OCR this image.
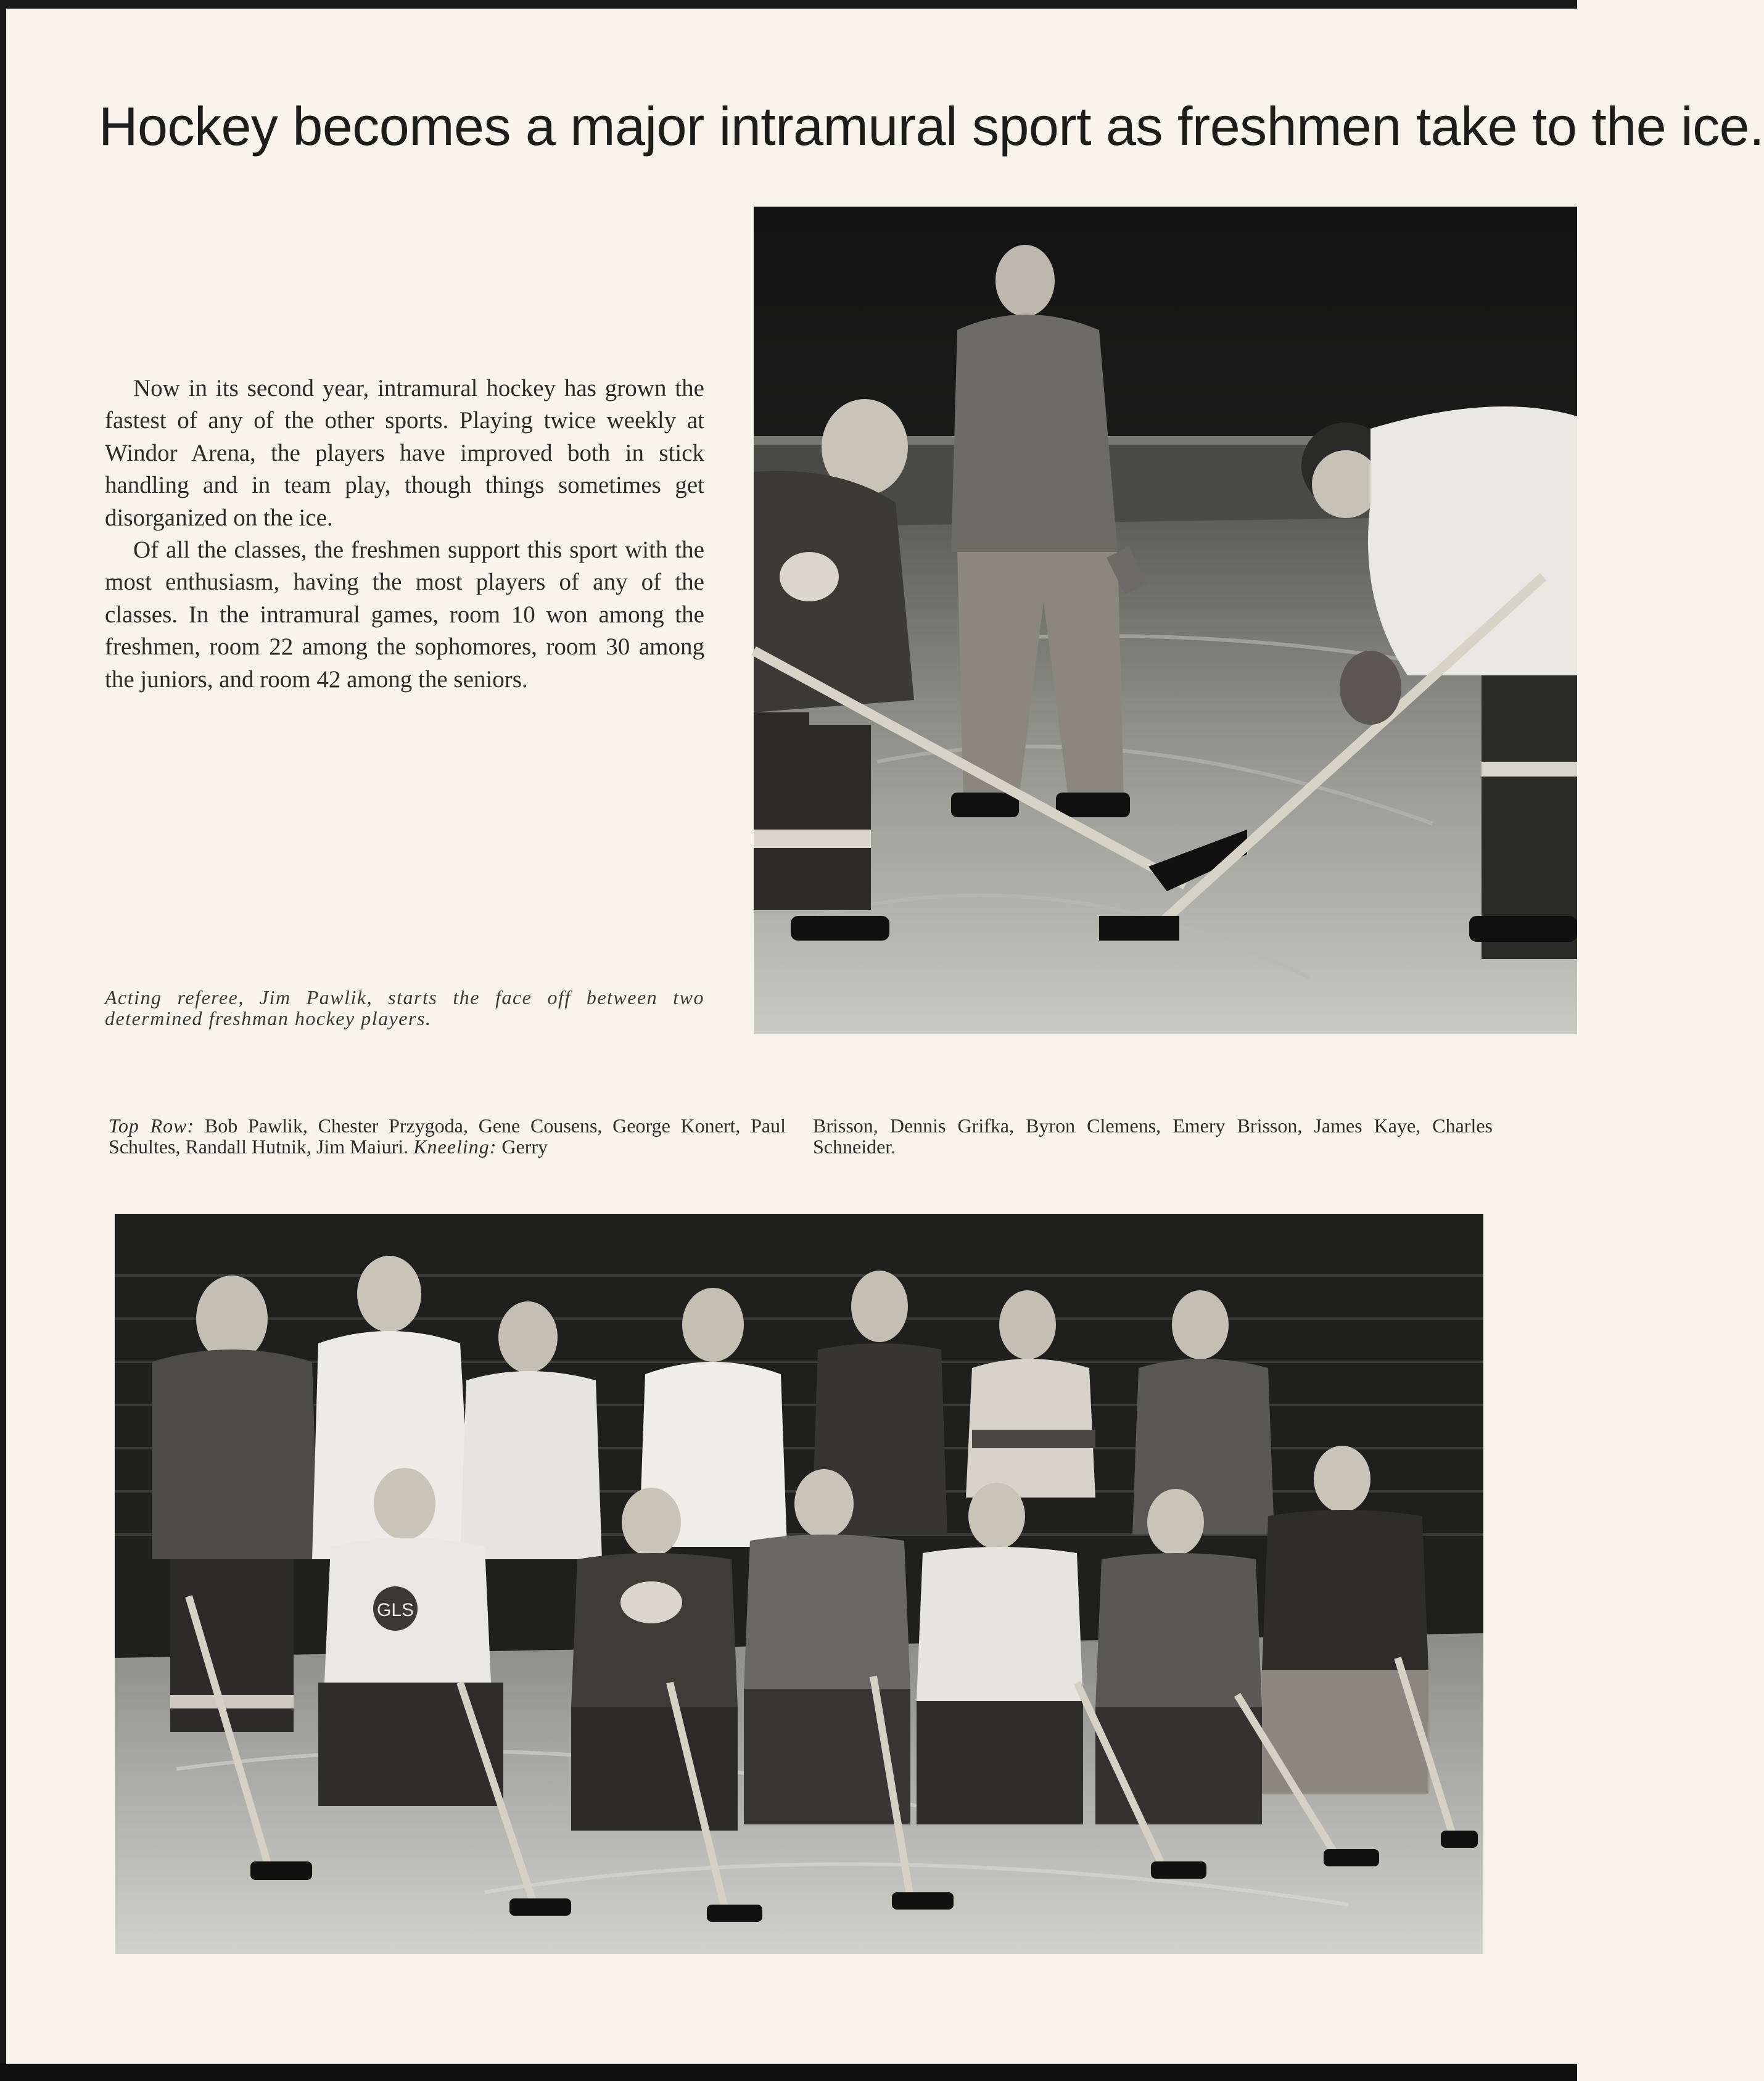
Hockey becomes a major intramural sport as freshmen take to the ice.

Now in its second year, intramural hockey has grown the fastest of any of the other sports. Playing twice weekly at Windor Arena, the players have improved both in stick handling and in team play, though things sometimes get disorganized on the ice.

Of all the classes, the freshmen support this sport with the most enthusiasm, having the most players of any of the classes. In the intramural games, room 10 won among the freshmen, room 22 among the sophomores, room 30 among the juniors, and room 42 among the seniors.

Acting referee, Jim Pawlik, starts the face off between two determined freshman hockey players.
Top Row: Bob Pawlik, Chester Przygoda, Gene Cousens, George Konert, Paul Schultes, Randall Hutnik, Jim Maiuri. Kneeling: Gerry
Brisson, Dennis Grifka, Byron Clemens, Emery Brisson, James Kaye, Charles Schneider.
GLS
